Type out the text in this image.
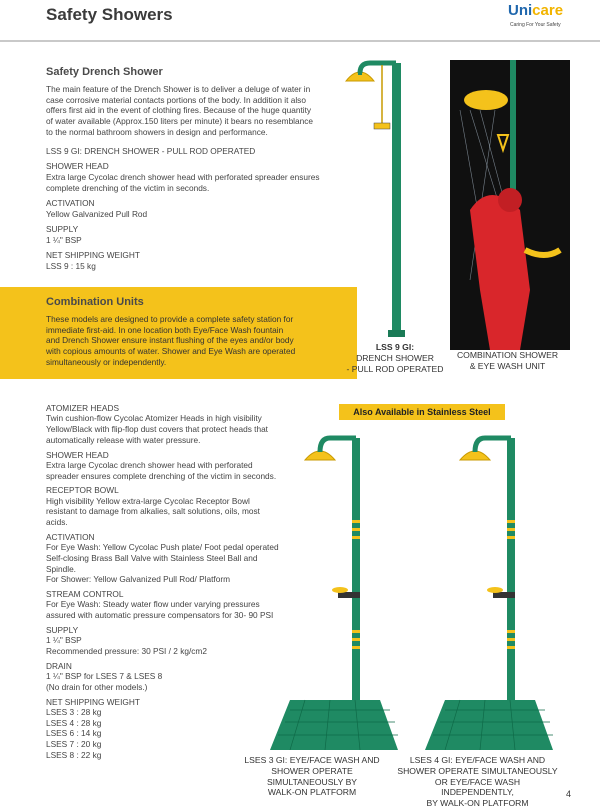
Safety Showers	Unicare
Caring For Your Safety
Safety Drench Shower
The main feature of the Drench Shower is to deliver a deluge of water in
case corrosive material contacts portions of the body. In addition it also
offers first aid in the event of clothing fires. Because of the huge quantity
of water available (Approx.150 liters per minute) it bears no resemblance
to the normal bathroom showers in design and performance.
LSS 9 GI: DRENCH SHOWER - PULL ROD OPERATED
SHOWER HEAD
Extra large Cycolac drench shower head with perforated spreader ensures
complete drenching of the victim in seconds.
ACTIVATION
Yellow Galvanized Pull Rod
SUPPLY
1 ¼" BSP
NET SHIPPING WEIGHT
LSS 9 : 15 kg
Combination Units
These models are designed to provide a complete safety station for
immediate first-aid. In one location both Eye/Face Wash fountain
and Drench Shower ensure instant flushing of the eyes and/or body
with copious amounts of water. Shower and Eye Wash are operated
simultaneously or independently.
ATOMIZER HEADS
Twin cushion-flow Cycolac Atomizer Heads in high visibility
Yellow/Black with flip-flop dust covers that protect heads that
automatically release with water pressure.
SHOWER HEAD
Extra large Cycolac drench shower head with perforated
spreader ensures complete drenching of the victim in seconds.
RECEPTOR BOWL
High visibility Yellow extra-large Cycolac Receptor Bowl
resistant to damage from alkalies, salt solutions, oils, most
acids.
ACTIVATION
For Eye Wash: Yellow Cycolac Push plate/ Foot pedal operated
Self-closing Brass Ball Valve with Stainless Steel Ball and
Spindle.
For Shower: Yellow Galvanized Pull Rod/ Platform
STREAM CONTROL
For Eye Wash: Steady water flow under varying pressures
assured with automatic pressure compensators for 30- 90 PSI
SUPPLY
1 ¼" BSP
Recommended pressure: 30 PSI / 2 kg/cm2
DRAIN
1 ¼" BSP for LSES 7 & LSES 8
(No drain for other models.)
NET SHIPPING WEIGHT
LSES 3 : 28 kg
LSES 4 : 28 kg
LSES 6 : 14 kg
LSES 7 : 20 kg
LSES 8 : 22 kg
LSS 9 GI:
DRENCH SHOWER
- PULL ROD OPERATED
COMBINATION SHOWER
& EYE WASH UNIT
Also Available in Stainless Steel
LSES 3 GI: EYE/FACE WASH AND
SHOWER OPERATE
SIMULTANEOUSLY BY
WALK-ON PLATFORM
LSES 4 GI: EYE/FACE WASH AND
SHOWER OPERATE SIMULTANEOUSLY
OR EYE/FACE WASH
INDEPENDENTLY,
BY WALK-ON PLATFORM
4
